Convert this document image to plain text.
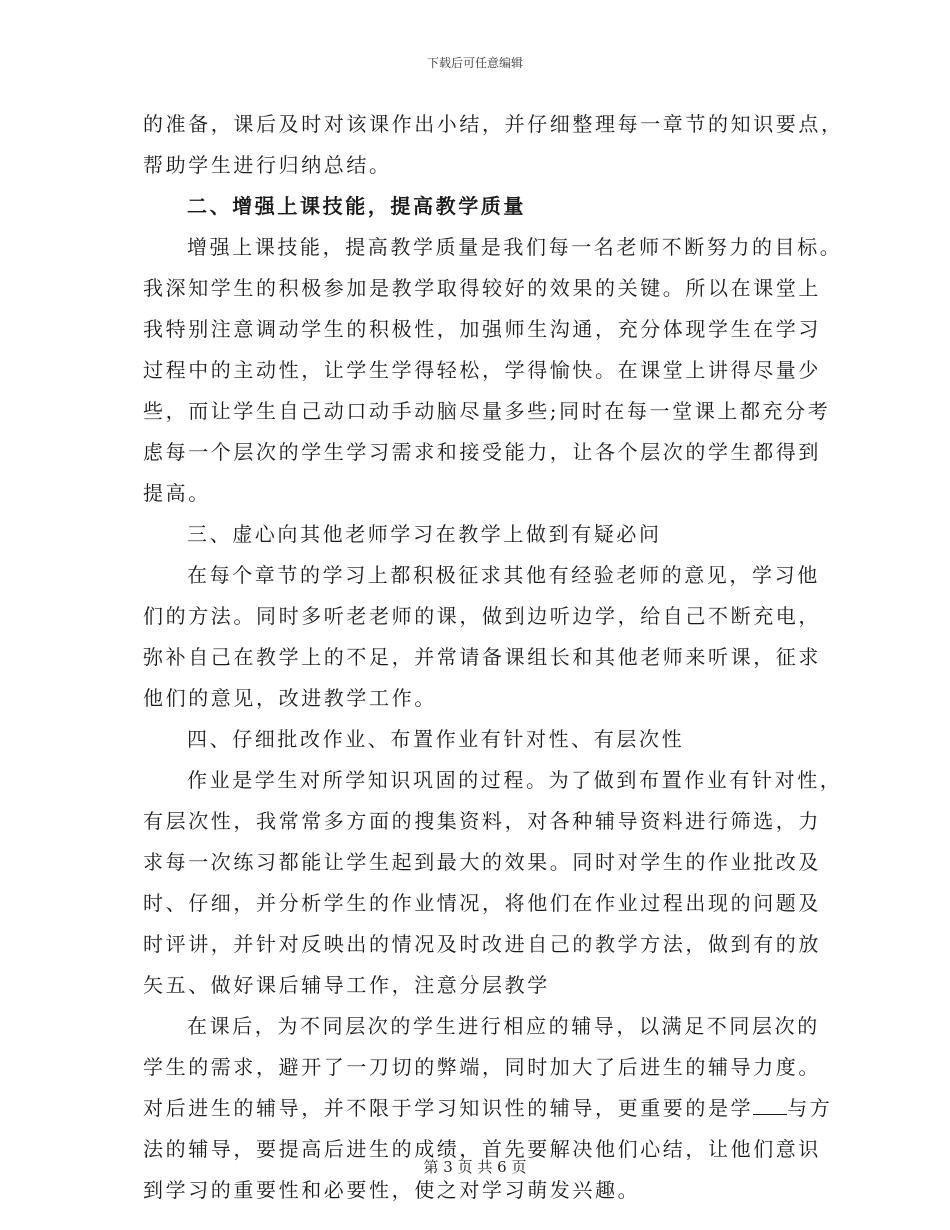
下载后可任意编辑
的准备，课后及时对该课作出小结，并仔细整理每一章节的知识要点，
帮助学生进行归纳总结。
二、增强上课技能，提高教学质量
增强上课技能，提高教学质量是我们每一名老师不断努力的目标。
我深知学生的积极参加是教学取得较好的效果的关键。所以在课堂上
我特别注意调动学生的积极性，加强师生沟通，充分体现学生在学习
过程中的主动性，让学生学得轻松，学得愉快。在课堂上讲得尽量少
些，而让学生自己动口动手动脑尽量多些;同时在每一堂课上都充分考
虑每一个层次的学生学习需求和接受能力，让各个层次的学生都得到
提高。
三、虚心向其他老师学习在教学上做到有疑必问
在每个章节的学习上都积极征求其他有经验老师的意见，学习他
们的方法。同时多听老老师的课，做到边听边学，给自己不断充电，
弥补自己在教学上的不足，并常请备课组长和其他老师来听课，征求
他们的意见，改进教学工作。
四、仔细批改作业、布置作业有针对性、有层次性
作业是学生对所学知识巩固的过程。为了做到布置作业有针对性，
有层次性，我常常多方面的搜集资料，对各种辅导资料进行筛选，力
求每一次练习都能让学生起到最大的效果。同时对学生的作业批改及
时、仔细，并分析学生的作业情况，将他们在作业过程出现的问题及
时评讲，并针对反映出的情况及时改进自己的教学方法，做到有的放
矢五、做好课后辅导工作，注意分层教学
在课后，为不同层次的学生进行相应的辅导，以满足不同层次的
学生的需求，避开了一刀切的弊端，同时加大了后进生的辅导力度。
对后进生的辅导，并不限于学习知识性的辅导，更重要的是学 与方
法的辅导，要提高后进生的成绩，首先要解决他们心结，让他们意识
到学习的重要性和必要性，使之对学习萌发兴趣。
第 3 页 共 6 页
